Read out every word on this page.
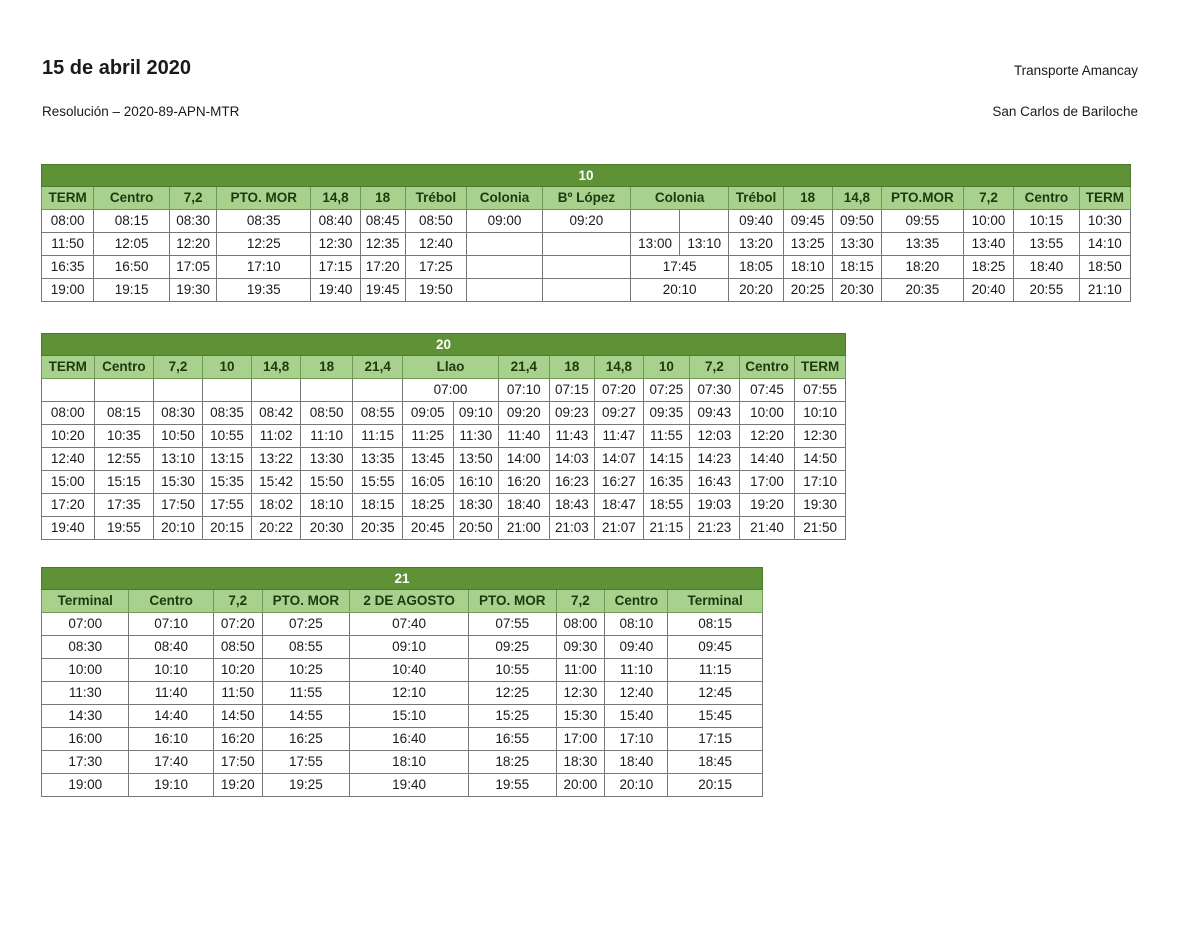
15 de abril 2020
Resolución – 2020-89-APN-MTR
Transporte Amancay
San Carlos de Bariloche
10																	
TERM	Centro	7,2	PTO. MOR	14,8	18	Trébol	Colonia	Bº López	Colonia		Trébol	18	14,8	PTO.MOR	7,2	Centro	TERM
08:00	08:15	08:30	08:35	08:40	08:45	08:50	09:00	09:20			09:40	09:45	09:50	09:55	10:00	10:15	10:30
11:50	12:05	12:20	12:25	12:30	12:35	12:40			13:00	13:10	13:20	13:25	13:30	13:35	13:40	13:55	14:10
16:35	16:50	17:05	17:10	17:15	17:20	17:25			17:45		18:05	18:10	18:15	18:20	18:25	18:40	18:50
19:00	19:15	19:30	19:35	19:40	19:45	19:50			20:10		20:20	20:25	20:30	20:35	20:40	20:55	21:10
20															
TERM	Centro	7,2	10	14,8	18	21,4	Llao		21,4	18	14,8	10	7,2	Centro	TERM
							07:00		07:10	07:15	07:20	07:25	07:30	07:45	07:55
08:00	08:15	08:30	08:35	08:42	08:50	08:55	09:05	09:10	09:20	09:23	09:27	09:35	09:43	10:00	10:10
10:20	10:35	10:50	10:55	11:02	11:10	11:15	11:25	11:30	11:40	11:43	11:47	11:55	12:03	12:20	12:30
12:40	12:55	13:10	13:15	13:22	13:30	13:35	13:45	13:50	14:00	14:03	14:07	14:15	14:23	14:40	14:50
15:00	15:15	15:30	15:35	15:42	15:50	15:55	16:05	16:10	16:20	16:23	16:27	16:35	16:43	17:00	17:10
17:20	17:35	17:50	17:55	18:02	18:10	18:15	18:25	18:30	18:40	18:43	18:47	18:55	19:03	19:20	19:30
19:40	19:55	20:10	20:15	20:22	20:30	20:35	20:45	20:50	21:00	21:03	21:07	21:15	21:23	21:40	21:50
21								
Terminal	Centro	7,2	PTO. MOR	2 DE AGOSTO	PTO. MOR	7,2	Centro	Terminal
07:00	07:10	07:20	07:25	07:40	07:55	08:00	08:10	08:15
08:30	08:40	08:50	08:55	09:10	09:25	09:30	09:40	09:45
10:00	10:10	10:20	10:25	10:40	10:55	11:00	11:10	11:15
11:30	11:40	11:50	11:55	12:10	12:25	12:30	12:40	12:45
14:30	14:40	14:50	14:55	15:10	15:25	15:30	15:40	15:45
16:00	16:10	16:20	16:25	16:40	16:55	17:00	17:10	17:15
17:30	17:40	17:50	17:55	18:10	18:25	18:30	18:40	18:45
19:00	19:10	19:20	19:25	19:40	19:55	20:00	20:10	20:15
